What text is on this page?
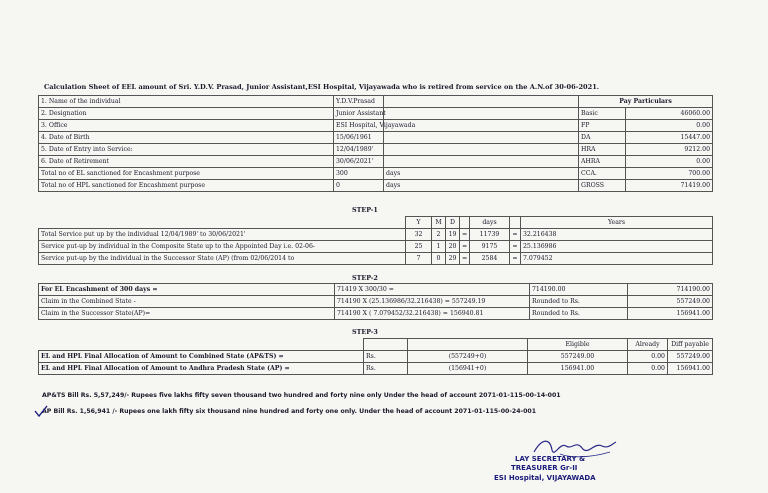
Calculation Sheet of EEL amount of Sri. Y.D.V. Prasad, Junior Assistant,ESI Hospital, Vijayawada who is retired from service on the A.N.of 30-06-2021.
1. Name of the individual	Y.D.V.Prasad		Pay Particulars	
2. Designation	Junior Assistant		Basic	46060.00
3. Office	ESI Hospital, Vijayawada		FP	0.00
4. Date of Birth	15/06/1961		DA	15447.00
5. Date of Entry into Service:	12/04/1989'		HRA	9212.00
6. Date of Retirement	30/06/2021'		AHRA	0.00
Total no of EL sanctioned for Encashment purpose	300	days	CCA.	700.00
Total no of HPL sanctioned for Encashment purpose	0	days	GROSS	71419.00
STEP-1
	Y	M	D		days		Years
Total Service put up by the individual 12/04/1989' to 30/06/2021'	32	2	19	=	11739	=	32.216438
Service put-up by individual in the Composite State up to the Appointed Day i.e. 02-06-	25	1	20	=	9175	=	25.136986
Service put-up by the individual in the Successor State (AP) (from 02/06/2014 to	7	0	29	=	2584	=	7.079452
STEP-2
For EL Encashment of 300 days =	71419 X 300/30 =	714190.00	714190.00
Claim in the Combined State -	714190 X (25.136986/32.216438) = 557249.19	Rounded to Rs.	557249.00
Claim in the Successor State(AP)=	714190 X ( 7.079452/32.216438) = 156940.81	Rounded to Rs.	156941.00
STEP-3
			Eligible	Already	Diff payable
EL and HPL Final Allocation of Amount to Combined State (AP&TS) =	Rs.	(557249+0)	557249.00	0.00	557249.00
EL and HPL Final Allocation of Amount to Andhra Pradesh State (AP) =	Rs.	(156941+0)	156941.00	0.00	156941.00
AP&TS Bill Rs. 5,57,249/- Rupees five lakhs fifty seven thousand two hundred and forty nine only Under the head of account 2071-01-115-00-14-001
AP Bill Rs. 1,56,941 /- Rupees one lakh fifty six thousand nine hundred and forty one only. Under the head of account 2071-01-115-00-24-001
LAY SECRETARY &
TREASURER Gr-II
ESI Hospital, VIJAYAWADA
